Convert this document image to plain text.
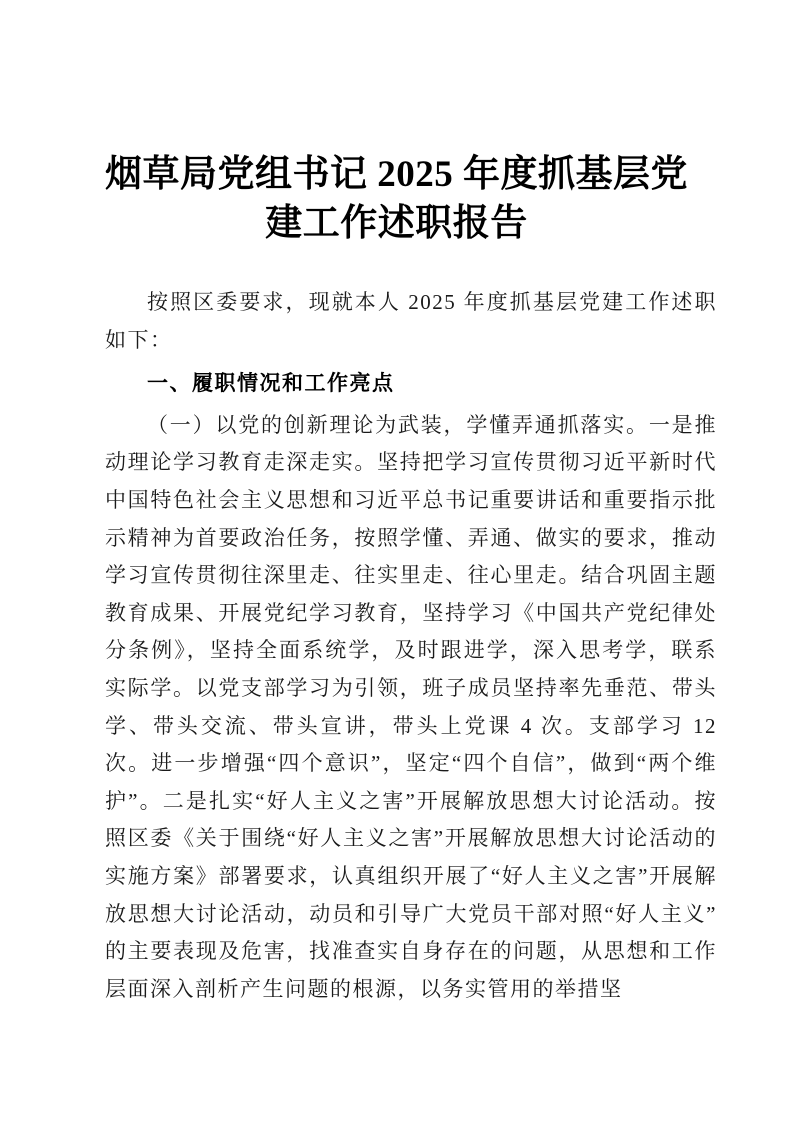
烟草局党组书记 2025 年度抓基层党
建工作述职报告

按照区委要求，现就本人 2025 年度抓基层党建工作述职如下：

一、履职情况和工作亮点

（一）以党的创新理论为武装，学懂弄通抓落实。一是推动理论学习教育走深走实。坚持把学习宣传贯彻习近平新时代中国特色社会主义思想和习近平总书记重要讲话和重要指示批示精神为首要政治任务，按照学懂、弄通、做实的要求，推动学习宣传贯彻往深里走、往实里走、往心里走。结合巩固主题教育成果、开展党纪学习教育，坚持学习《中国共产党纪律处分条例》，坚持全面系统学，及时跟进学，深入思考学，联系实际学。以党支部学习为引领，班子成员坚持率先垂范、带头学、带头交流、带头宣讲，带头上党课 4 次。支部学习 12 次。进一步增强“四个意识”，坚定“四个自信”，做到“两个维护”。二是扎实“好人主义之害”开展解放思想大讨论活动。按照区委《关于围绕“好人主义之害”开展解放思想大讨论活动的实施方案》部署要求，认真组织开展了“好人主义之害”开展解放思想大讨论活动，动员和引导广大党员干部对照“好人主义”的主要表现及危害，找准查实自身存在的问题，从思想和工作层面深入剖析产生问题的根源，以务实管用的举措坚
